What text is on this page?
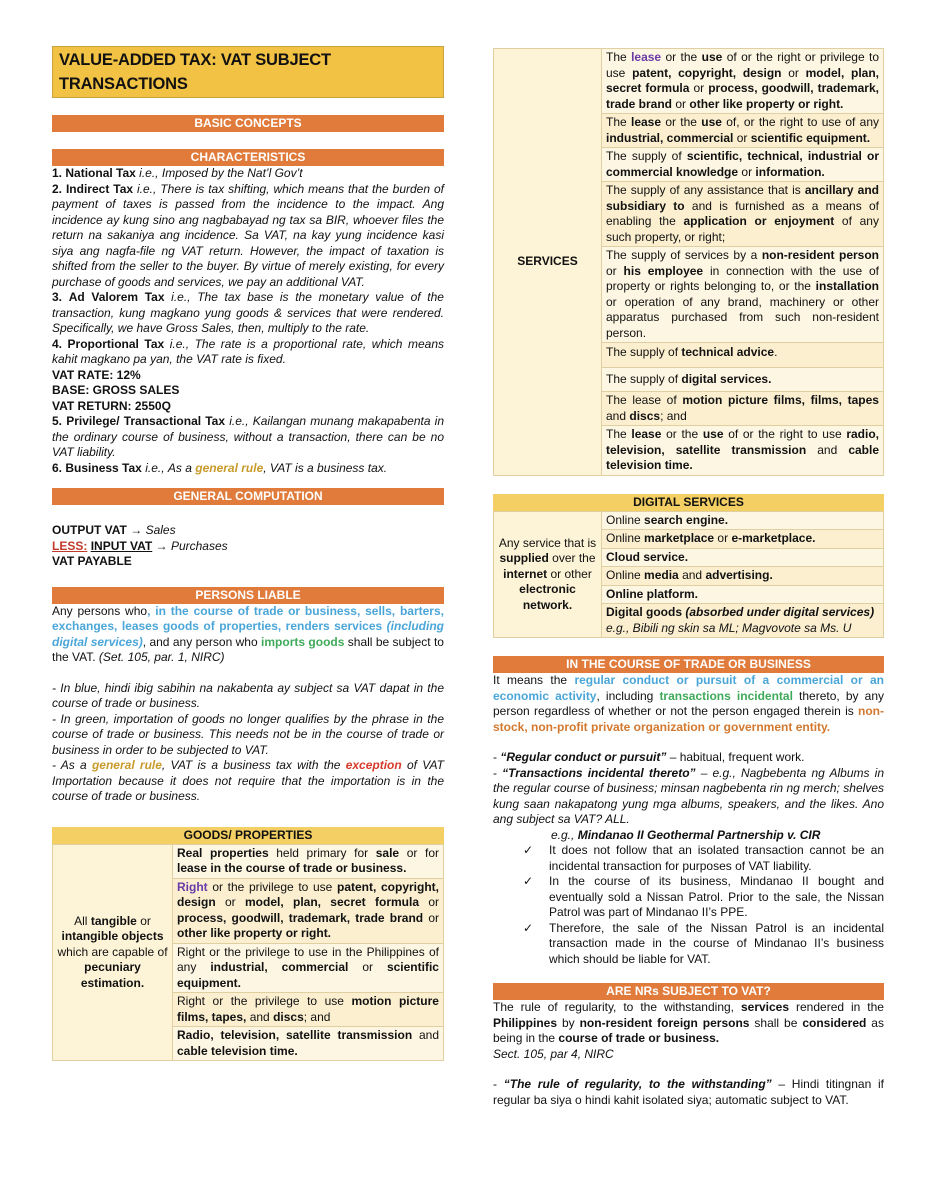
VALUE-ADDED TAX: VAT SUBJECT TRANSACTIONS
BASIC CONCEPTS
CHARACTERISTICS
1. National Tax i.e., Imposed by the Nat’l Gov’t
2. Indirect Tax i.e., There is tax shifting, which means that the burden of payment of taxes is passed from the incidence to the impact. Ang incidence ay kung sino ang nagbabayad ng tax sa BIR, whoever files the return na sakaniya ang incidence. Sa VAT, na kay yung incidence kasi siya ang nagfa-file ng VAT return. However, the impact of taxation is shifted from the seller to the buyer. By virtue of merely existing, for every purchase of goods and services, we pay an additional VAT.
3. Ad Valorem Tax i.e., The tax base is the monetary value of the transaction, kung magkano yung goods & services that were rendered. Specifically, we have Gross Sales, then, multiply to the rate.
4. Proportional Tax i.e., The rate is a proportional rate, which means kahit magkano pa yan, the VAT rate is fixed.
VAT RATE: 12%
BASE: GROSS SALES
VAT RETURN: 2550Q
5. Privilege/ Transactional Tax i.e., Kailangan munang makapabenta in the ordinary course of business, without a transaction, there can be no VAT liability.
6. Business Tax i.e., As a general rule, VAT is a business tax.
GENERAL COMPUTATION
OUTPUT VAT → Sales
LESS: INPUT VAT → Purchases
VAT PAYABLE
PERSONS LIABLE
Any persons who, in the course of trade or business, sells, barters, exchanges, leases goods of properties, renders services (including digital services), and any person who imports goods shall be subject to the VAT. (Set. 105, par. 1, NIRC)
- In blue, hindi ibig sabihin na nakabenta ay subject sa VAT dapat in the course of trade or business.
- In green, importation of goods no longer qualifies by the phrase in the course of trade or business. This needs not be in the course of trade or business in order to be subjected to VAT.
- As a general rule, VAT is a business tax with the exception of VAT Importation because it does not require that the importation is in the course of trade or business.
GOODS/ PROPERTIES
All tangible or intangible objects which are capable of pecuniary estimation.	Real properties held primary for sale or for lease in the course of trade or business.
Right or the privilege to use patent, copyright, design or model, plan, secret formula or process, goodwill, trademark, trade brand or other like property or right.
Right or the privilege to use in the Philippines of any industrial, commercial or scientific equipment.
Right or the privilege to use motion picture films, tapes, and discs; and
Radio, television, satellite transmission and cable television time.
SERVICES	The lease or the use of or the right or privilege to use patent, copyright, design or model, plan, secret formula or process, goodwill, trademark, trade brand or other like property or right.
The lease or the use of, or the right to use of any industrial, commercial or scientific equipment.
The supply of scientific, technical, industrial or commercial knowledge or information.
The supply of any assistance that is ancillary and subsidiary to and is furnished as a means of enabling the application or enjoyment of any such property, or right;
The supply of services by a non-resident person or his employee in connection with the use of property or rights belonging to, or the installation or operation of any brand, machinery or other apparatus purchased from such non-resident person.
The supply of technical advice.
The supply of digital services.
The lease of motion picture films, films, tapes and discs; and
The lease or the use of or the right to use radio, television, satellite transmission and cable television time.
DIGITAL SERVICES
Any service that is supplied over the internet or other electronic network.	Online search engine.
Online marketplace or e-marketplace.
Cloud service.
Online media and advertising.
Online platform.
Digital goods (absorbed under digital services)
e.g., Bibili ng skin sa ML; Magvovote sa Ms. U
IN THE COURSE OF TRADE OR BUSINESS
It means the regular conduct or pursuit of a commercial or an economic activity, including transactions incidental thereto, by any person regardless of whether or not the person engaged therein is non-stock, non-profit private organization or government entity.
- “Regular conduct or pursuit” – habitual, frequent work.
- “Transactions incidental thereto” – e.g., Nagbebenta ng Albums in the regular course of business; minsan nagbebenta rin ng merch; shelves kung saan nakapatong yung mga albums, speakers, and the likes. Ano ang subject sa VAT? ALL.
e.g., Mindanao II Geothermal Partnership v. CIR
✓ It does not follow that an isolated transaction cannot be an incidental transaction for purposes of VAT liability.
✓ In the course of its business, Mindanao II bought and eventually sold a Nissan Patrol. Prior to the sale, the Nissan Patrol was part of Mindanao II’s PPE.
✓ Therefore, the sale of the Nissan Patrol is an incidental transaction made in the course of Mindanao II’s business which should be liable for VAT.
ARE NRs SUBJECT TO VAT?
The rule of regularity, to the withstanding, services rendered in the Philippines by non-resident foreign persons shall be considered as being in the course of trade or business.
Sect. 105, par 4, NIRC
- “The rule of regularity, to the withstanding” – Hindi titingnan if regular ba siya o hindi kahit isolated siya; automatic subject to VAT.
